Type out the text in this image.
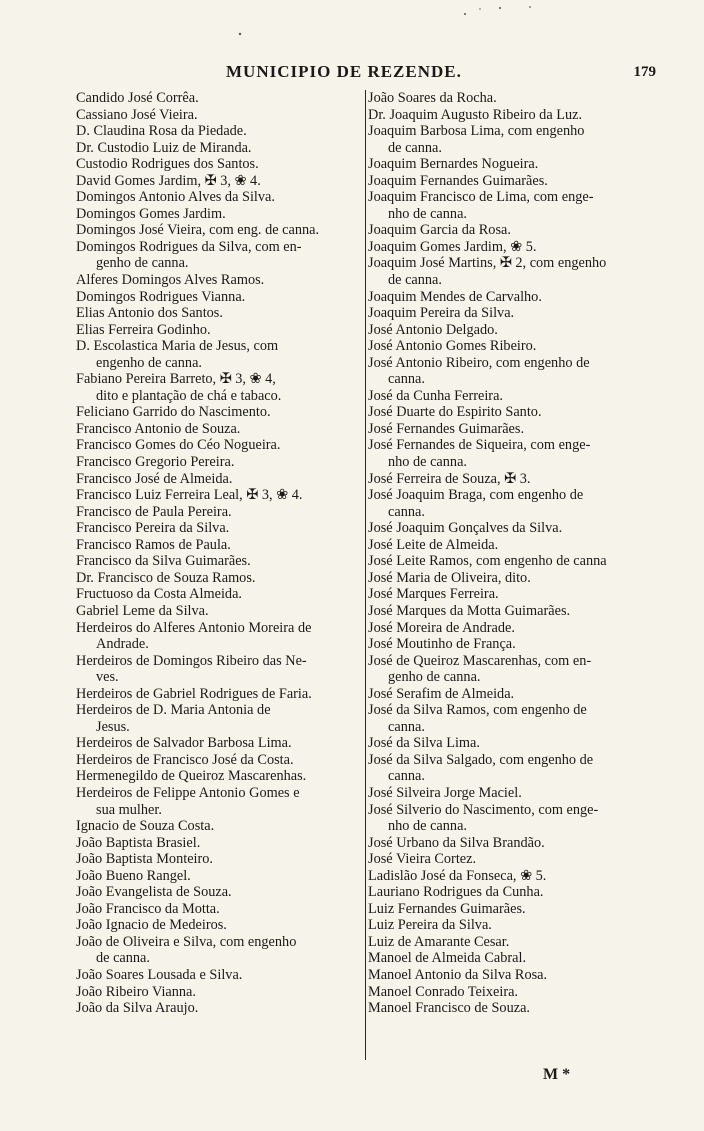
MUNICIPIO DE REZENDE.	179
Candido José Corrêa.
Cassiano José Vieira.
D. Claudina Rosa da Piedade.
Dr. Custodio Luiz de Miranda.
Custodio Rodrigues dos Santos.
David Gomes Jardim, ✠ 3, ❀ 4.
Domingos Antonio Alves da Silva.
Domingos Gomes Jardim.
Domingos José Vieira, com eng. de canna.
Domingos Rodrigues da Silva, com en-
genho de canna.
Alferes Domingos Alves Ramos.
Domingos Rodrigues Vianna.
Elias Antonio dos Santos.
Elias Ferreira Godinho.
D. Escolastica Maria de Jesus, com
engenho de canna.
Fabiano Pereira Barreto, ✠ 3, ❀ 4,
dito e plantação de chá e tabaco.
Feliciano Garrido do Nascimento.
Francisco Antonio de Souza.
Francisco Gomes do Céo Nogueira.
Francisco Gregorio Pereira.
Francisco José de Almeida.
Francisco Luiz Ferreira Leal, ✠ 3, ❀ 4.
Francisco de Paula Pereira.
Francisco Pereira da Silva.
Francisco Ramos de Paula.
Francisco da Silva Guimarães.
Dr. Francisco de Souza Ramos.
Fructuoso da Costa Almeida.
Gabriel Leme da Silva.
Herdeiros do Alferes Antonio Moreira de
Andrade.
Herdeiros de Domingos Ribeiro das Ne-
ves.
Herdeiros de Gabriel Rodrigues de Faria.
Herdeiros de D. Maria Antonia de
Jesus.
Herdeiros de Salvador Barbosa Lima.
Herdeiros de Francisco José da Costa.
Hermenegildo de Queiroz Mascarenhas.
Herdeiros de Felippe Antonio Gomes e
sua mulher.
Ignacio de Souza Costa.
João Baptista Brasiel.
João Baptista Monteiro.
João Bueno Rangel.
João Evangelista de Souza.
João Francisco da Motta.
João Ignacio de Medeiros.
João de Oliveira e Silva, com engenho
de canna.
João Soares Lousada e Silva.
João Ribeiro Vianna.
João da Silva Araujo.
João Soares da Rocha.
Dr. Joaquim Augusto Ribeiro da Luz.
Joaquim Barbosa Lima, com engenho
de canna.
Joaquim Bernardes Nogueira.
Joaquim Fernandes Guimarães.
Joaquim Francisco de Lima, com enge-
nho de canna.
Joaquim Garcia da Rosa.
Joaquim Gomes Jardim, ❀ 5.
Joaquim José Martins, ✠ 2, com engenho
de canna.
Joaquim Mendes de Carvalho.
Joaquim Pereira da Silva.
José Antonio Delgado.
José Antonio Gomes Ribeiro.
José Antonio Ribeiro, com engenho de
canna.
José da Cunha Ferreira.
José Duarte do Espirito Santo.
José Fernandes Guimarães.
José Fernandes de Siqueira, com enge-
nho de canna.
José Ferreira de Souza, ✠ 3.
José Joaquim Braga, com engenho de
canna.
José Joaquim Gonçalves da Silva.
José Leite de Almeida.
José Leite Ramos, com engenho de canna
José Maria de Oliveira, dito.
José Marques Ferreira.
José Marques da Motta Guimarães.
José Moreira de Andrade.
José Moutinho de França.
José de Queiroz Mascarenhas, com en-
genho de canna.
José Serafim de Almeida.
José da Silva Ramos, com engenho de
canna.
José da Silva Lima.
José da Silva Salgado, com engenho de
canna.
José Silveira Jorge Maciel.
José Silverio do Nascimento, com enge-
nho de canna.
José Urbano da Silva Brandão.
José Vieira Cortez.
Ladislão José da Fonseca, ❀ 5.
Lauriano Rodrigues da Cunha.
Luiz Fernandes Guimarães.
Luiz Pereira da Silva.
Luiz de Amarante Cesar.
Manoel de Almeida Cabral.
Manoel Antonio da Silva Rosa.
Manoel Conrado Teixeira.
Manoel Francisco de Souza.
M *
